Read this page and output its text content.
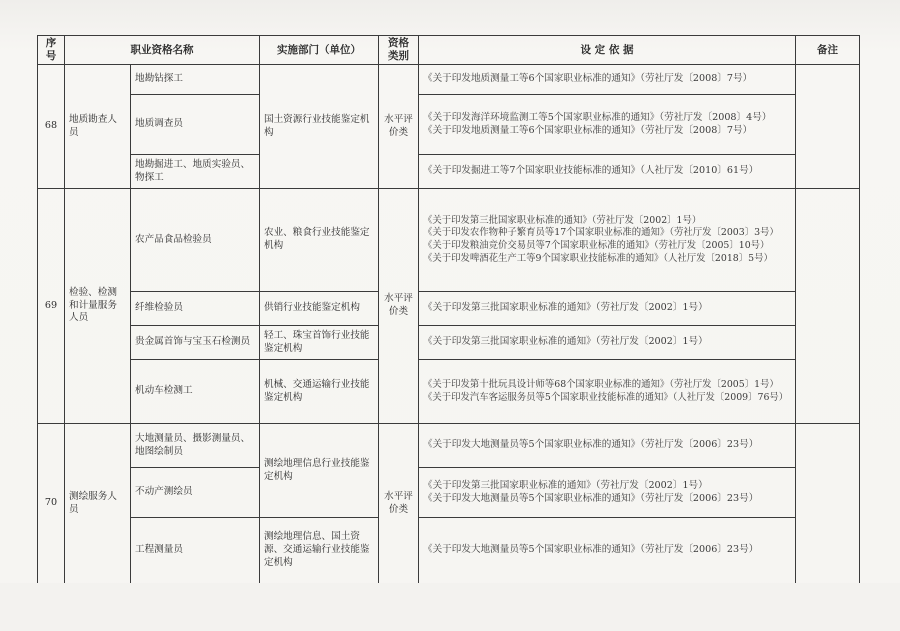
序号	职业资格名称		实施部门（单位）	资格类别	设 定 依 据	备注
68	地质勘查人员	地勘钻探工	国土资源行业技能鉴定机构	水平评价类	《关于印发地质测量工等6个国家职业标准的通知》（劳社厅发〔2008〕7号）	

		地质调查员			《关于印发海洋环境监测工等5个国家职业标准的通知》（劳社厅发〔2008〕4号）
《关于印发地质测量工等6个国家职业标准的通知》（劳社厅发〔2008〕7号）	

		地勘掘进工、地质实验员、物探工			《关于印发掘进工等7个国家职业技能标准的通知》（人社厅发〔2010〕61号）	

69	检验、检测和计量服务人员	农产品食品检验员	农业、粮食行业技能鉴定机构	水平评价类	《关于印发第三批国家职业标准的通知》（劳社厅发〔2002〕1号）
《关于印发农作物种子繁育员等17个国家职业标准的通知》（劳社厅发〔2003〕3号）
《关于印发粮油竞价交易员等7个国家职业标准的通知》（劳社厅发〔2005〕10号）
《关于印发啤酒花生产工等9个国家职业技能标准的通知》（人社厅发〔2018〕5号）	

		纤维检验员	供销行业技能鉴定机构		《关于印发第三批国家职业标准的通知》（劳社厅发〔2002〕1号）	

		贵金属首饰与宝玉石检测员	轻工、珠宝首饰行业技能鉴定机构		《关于印发第三批国家职业标准的通知》（劳社厅发〔2002〕1号）	

		机动车检测工	机械、交通运输行业技能鉴定机构		《关于印发第十批玩具设计师等68个国家职业标准的通知》（劳社厅发〔2005〕1号）
《关于印发汽车客运服务员等5个国家职业技能标准的通知》（人社厅发〔2009〕76号）	

70	测绘服务人员	大地测量员、摄影测量员、地图绘制员	测绘地理信息行业技能鉴定机构	水平评价类	《关于印发大地测量员等5个国家职业标准的通知》（劳社厅发〔2006〕23号）	

		不动产测绘员			《关于印发第三批国家职业标准的通知》（劳社厅发〔2002〕1号）
《关于印发大地测量员等5个国家职业标准的通知》（劳社厅发〔2006〕23号）	

		工程测量员	测绘地理信息、国土资源、交通运输行业技能鉴定机构		《关于印发大地测量员等5个国家职业标准的通知》（劳社厅发〔2006〕23号）	
